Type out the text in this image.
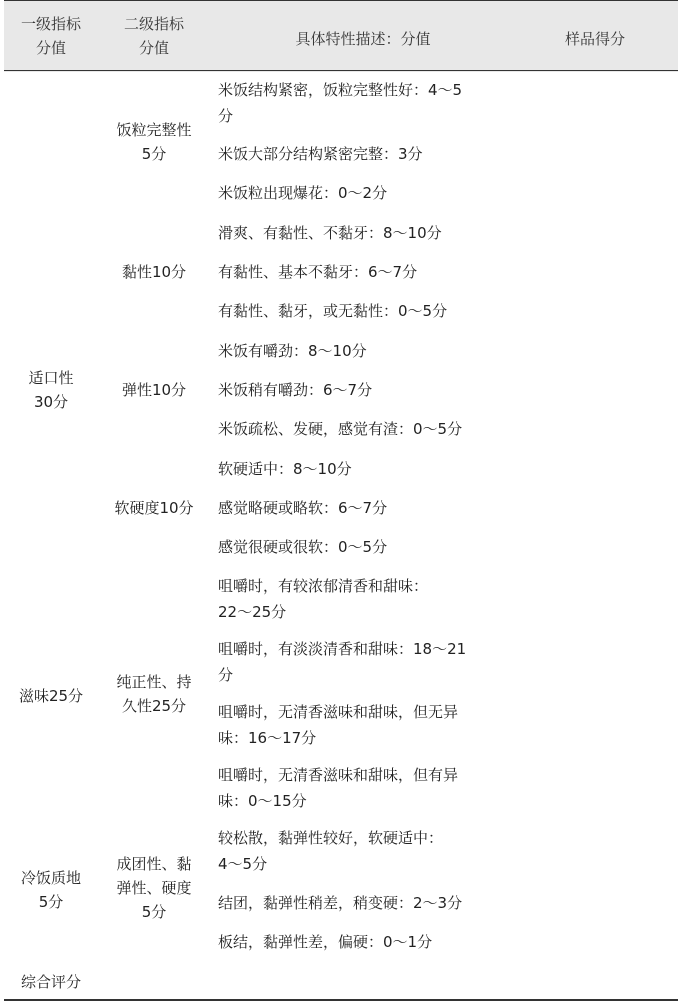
一级指标
分值
二级指标
分值	具体特性描述：分值	样品得分
适口性
30分
滋味25分
冷饭质地
5分
综合评分
饭粒完整性
5分
黏性10分
弹性10分
软硬度10分
纯正性、持
久性25分
成团性、黏
弹性、硬度
5分
米饭结构紧密，饭粒完整性好：4～5
分
米饭大部分结构紧密完整：3分
米饭粒出现爆花：0～2分
滑爽、有黏性、不黏牙：8～10分
有黏性、基本不黏牙：6～7分
有黏性、黏牙，或无黏性：0～5分
米饭有嚼劲：8～10分
米饭稍有嚼劲：6～7分
米饭疏松、发硬，感觉有渣：0～5分
软硬适中：8～10分
感觉略硬或略软：6～7分
感觉很硬或很软：0～5分
咀嚼时，有较浓郁清香和甜味：
22～25分
咀嚼时，有淡淡清香和甜味：18～21
分
咀嚼时，无清香滋味和甜味，但无异
味：16～17分
咀嚼时，无清香滋味和甜味，但有异
味：0～15分
较松散，黏弹性较好，软硬适中：
4～5分
结团，黏弹性稍差，稍变硬：2～3分
板结，黏弹性差，偏硬：0～1分
